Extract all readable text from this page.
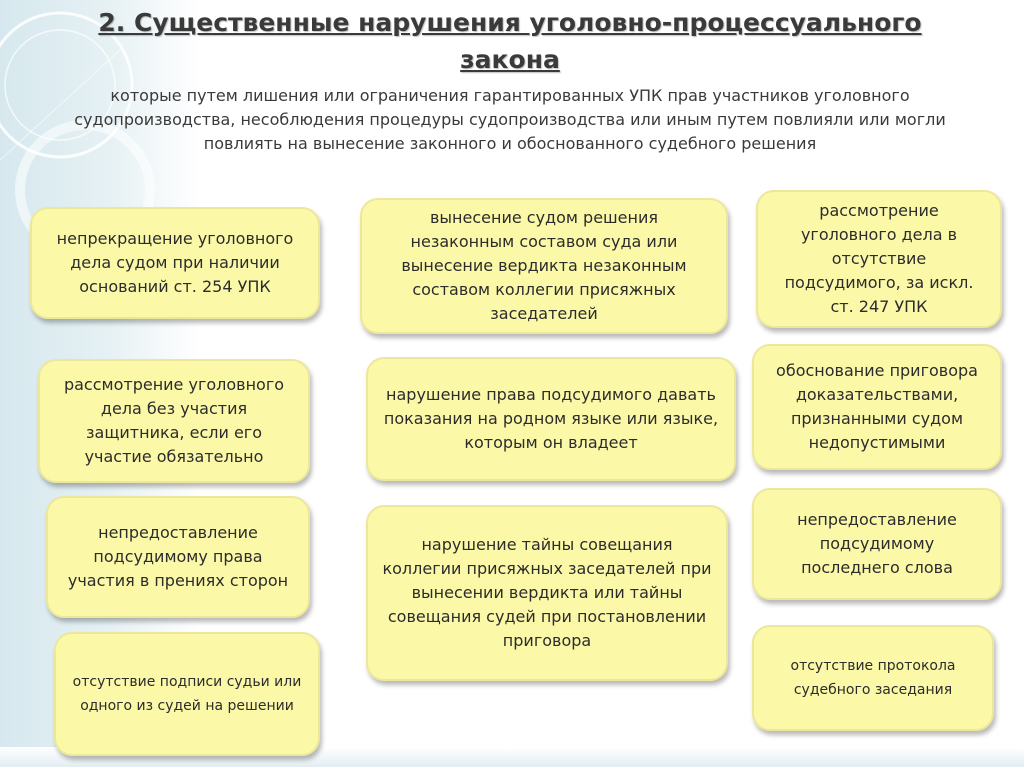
2. Существенные нарушения уголовно-процессуального закона
которые путем лишения или ограничения гарантированных УПК прав участников уголовного судопроизводства, несоблюдения процедуры судопроизводства или иным путем повлияли или могли повлиять на вынесение законного и обоснованного судебного решения
непрекращение уголовного дела судом при наличии оснований ст. 254 УПК
вынесение судом решения незаконным составом суда или вынесение вердикта незаконным составом коллегии присяжных заседателей
рассмотрение уголовного дела в отсутствие подсудимого, за искл. ст. 247 УПК
рассмотрение уголовного дела без участия защитника, если его участие обязательно
нарушение права подсудимого давать показания на родном языке или языке, которым он владеет
обоснование приговора доказательствами, признанными судом недопустимыми
непредоставление подсудимому права участия в прениях сторон
нарушение тайны совещания коллегии присяжных заседателей при вынесении вердикта или тайны совещания судей при постановлении приговора
непредоставление подсудимому последнего слова
отсутствие подписи судьи или одного из судей на решении
отсутствие протокола судебного заседания
